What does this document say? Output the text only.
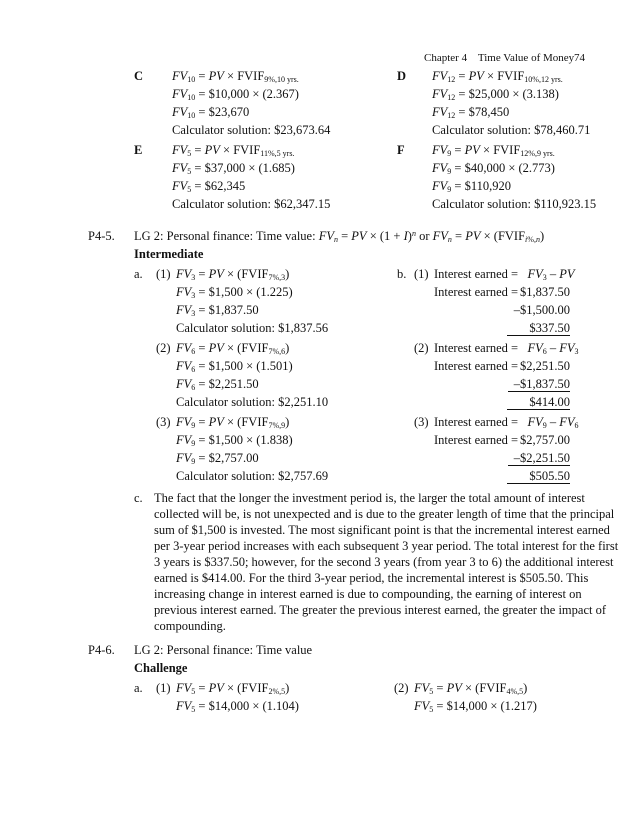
Chapter 4 Time Value of Money 74
C $FV_{10}$ = PV × $FVIF_{9\%,10 yrs.}$
$FV_{10}$ = $10,000 × (2.367)
$FV_{10}$ = $23,670
Calculator solution: $23,673.64
D $FV_{12}$ = PV × $FVIF_{10\%,12 yrs.}$
$FV_{12}$ = $25,000 × (3.138)
$FV_{12}$ = $78,450
Calculator solution: $78,460.71
E $FV_5$ = PV × $FVIF_{11\%,5 yrs.}$
$FV_5$ = $37,000 × (1.685)
$FV_5$ = $62,345
Calculator solution: $62,347.15
F $FV_9$ = PV × $FVIF_{12\%,9 yrs.}$
$FV_9$ = $40,000 × (2.773)
$FV_9$ = $110,920
Calculator solution: $110,923.15
P4-5. LG 2: Personal finance: Time value: $FV_n$ = PV × $(1 + I)^n$ or $FV_n$ = PV × $(FVIF_{i\%,n})$
Intermediate
a. (1) $FV_3$ = PV × $(FVIF_{7\%,3})$
$FV_3$ = $1,500 × (1.225)
$FV_3$ = $1,837.50
Calculator solution: $1,837.56
b. (1) Interest earned = $FV_3$ – PV
Interest earned = $1,837.50
–$1,500.00
$337.50
(2) $FV_6$ = PV × $(FVIF_{7\%,6})$
$FV_6$ = $1,500 × (1.501)
$FV_6$ = $2,251.50
Calculator solution: $2,251.10
(2) Interest earned = $FV_6 - FV_3$
Interest earned = $2,251.50
–$1,837.50
$414.00
(3) $FV_9$ = PV × $(FVIF_{7\%,9})$
$FV_9$ = $1,500 × (1.838)
$FV_9$ = $2,757.00
Calculator solution: $2,757.69
(3) Interest earned = $FV_9 - FV_6$
Interest earned = $2,757.00
–$2,251.50
$505.50
c. The fact that the longer the investment period is, the larger the total amount of interest
collected will be, is not unexpected and is due to the greater length of time that the principal
sum of $1,500 is invested. The most significant point is that the incremental interest earned
per 3-year period increases with each subsequent 3 year period. The total interest for the first
3 years is $337.50; however, for the second 3 years (from year 3 to 6) the additional interest
earned is $414.00. For the third 3-year period, the incremental interest is $505.50. This
increasing change in interest earned is due to compounding, the earning of interest on
previous interest earned. The greater the previous interest earned, the greater the impact of
compounding.
P4-6. LG 2: Personal finance: Time value
Challenge
a. (1) $FV_5$ = PV × $(FVIF_{2\%,5})$
$FV_5$ = $14,000 × (1.104)
(2) $FV_5$ = PV × $(FVIF_{4\%,5})$
$FV_5$ = $14,000 × (1.217)
